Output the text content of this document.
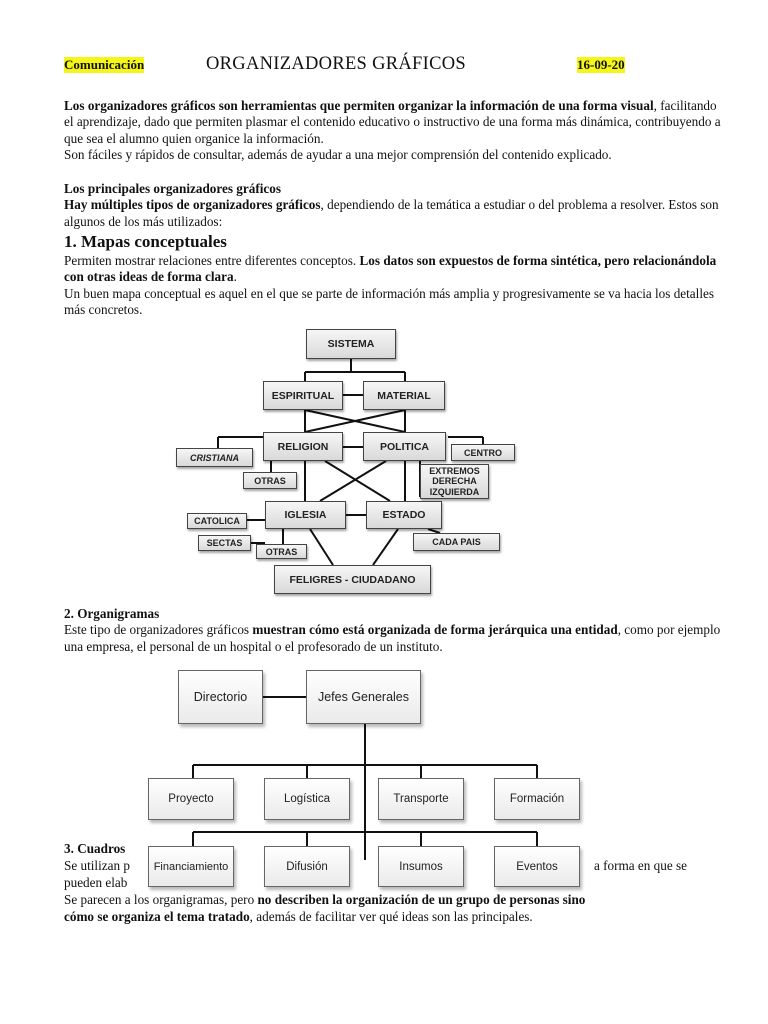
Comunicación	ORGANIZADORES GRÁFICOS	16-09-20
Los organizadores gráficos son herramientas que permiten organizar la información de una forma visual, facilitando el aprendizaje, dado que permiten plasmar el contenido educativo o instructivo de una forma más dinámica, contribuyendo a que sea el alumno quien organice la información.
Son fáciles y rápidos de consultar, además de ayudar a una mejor comprensión del contenido explicado.
Los principales organizadores gráficos
Hay múltiples tipos de organizadores gráficos, dependiendo de la temática a estudiar o del problema a resolver. Estos son algunos de los más utilizados:
1. Mapas conceptuales
Permiten mostrar relaciones entre diferentes conceptos. Los datos son expuestos de forma sintética, pero relacionándola con otras ideas de forma clara.
Un buen mapa conceptual es aquel en el que se parte de información más amplia y progresivamente se va hacia los detalles más concretos.
SISTEMA
ESPIRITUAL	MATERIAL
RELIGION	POLITICA
CRISTIANA
OTRAS
CENTRO
EXTREMOS
DERECHA
IZQUIERDA
IGLESIA	ESTADO
CATOLICA
SECTAS
OTRAS
CADA PAIS
FELIGRES - CIUDADANO
2. Organigramas
Este tipo de organizadores gráficos muestran cómo está organizada de forma jerárquica una entidad, como por ejemplo una empresa, el personal de un hospital o el profesorado de un instituto.
3. Cuadros
Se utilizan p	a forma en que se
pueden elab
Se parecen a los organigramas, pero no describen la organización de un grupo de personas sino
cómo se organiza el tema tratado, además de facilitar ver qué ideas son las principales.
Directorio	Jefes Generales
Proyecto	Logística	Transporte	Formación
Financiamiento	Difusión	Insumos	Eventos
